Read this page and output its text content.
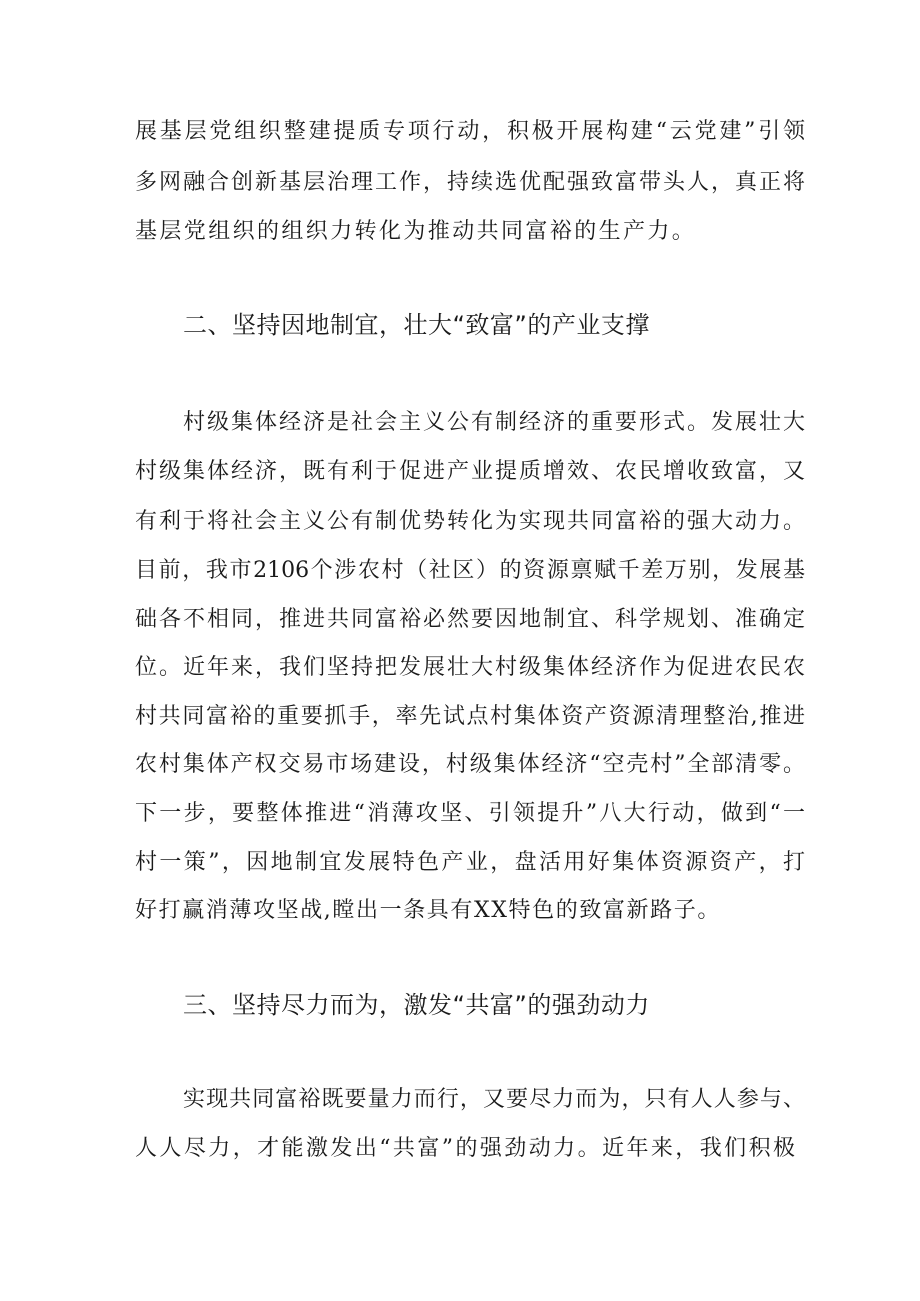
展基层党组织整建提质专项行动，积极开展构建“云党建”引领
多网融合创新基层治理工作，持续选优配强致富带头人，真正将
基层党组织的组织力转化为推动共同富裕的生产力。
二、坚持因地制宜，壮大“致富”的产业支撑
村级集体经济是社会主义公有制经济的重要形式。发展壮大
村级集体经济，既有利于促进产业提质增效、农民增收致富，又
有利于将社会主义公有制优势转化为实现共同富裕的强大动力。
目前，我市2106个涉农村（社区）的资源禀赋千差万别，发展基
础各不相同，推进共同富裕必然要因地制宜、科学规划、准确定
位。近年来，我们坚持把发展壮大村级集体经济作为促进农民农
村共同富裕的重要抓手，率先试点村集体资产资源清理整治,推进
农村集体产权交易市场建设，村级集体经济“空壳村”全部清零。
下一步，要整体推进“消薄攻坚、引领提升”八大行动，做到“一
村一策”，因地制宜发展特色产业，盘活用好集体资源资产，打
好打赢消薄攻坚战,瞠出一条具有XX特色的致富新路子。
三、坚持尽力而为，激发“共富”的强劲动力
实现共同富裕既要量力而行，又要尽力而为，只有人人参与、
人人尽力，才能激发出“共富”的强劲动力。近年来，我们积极
